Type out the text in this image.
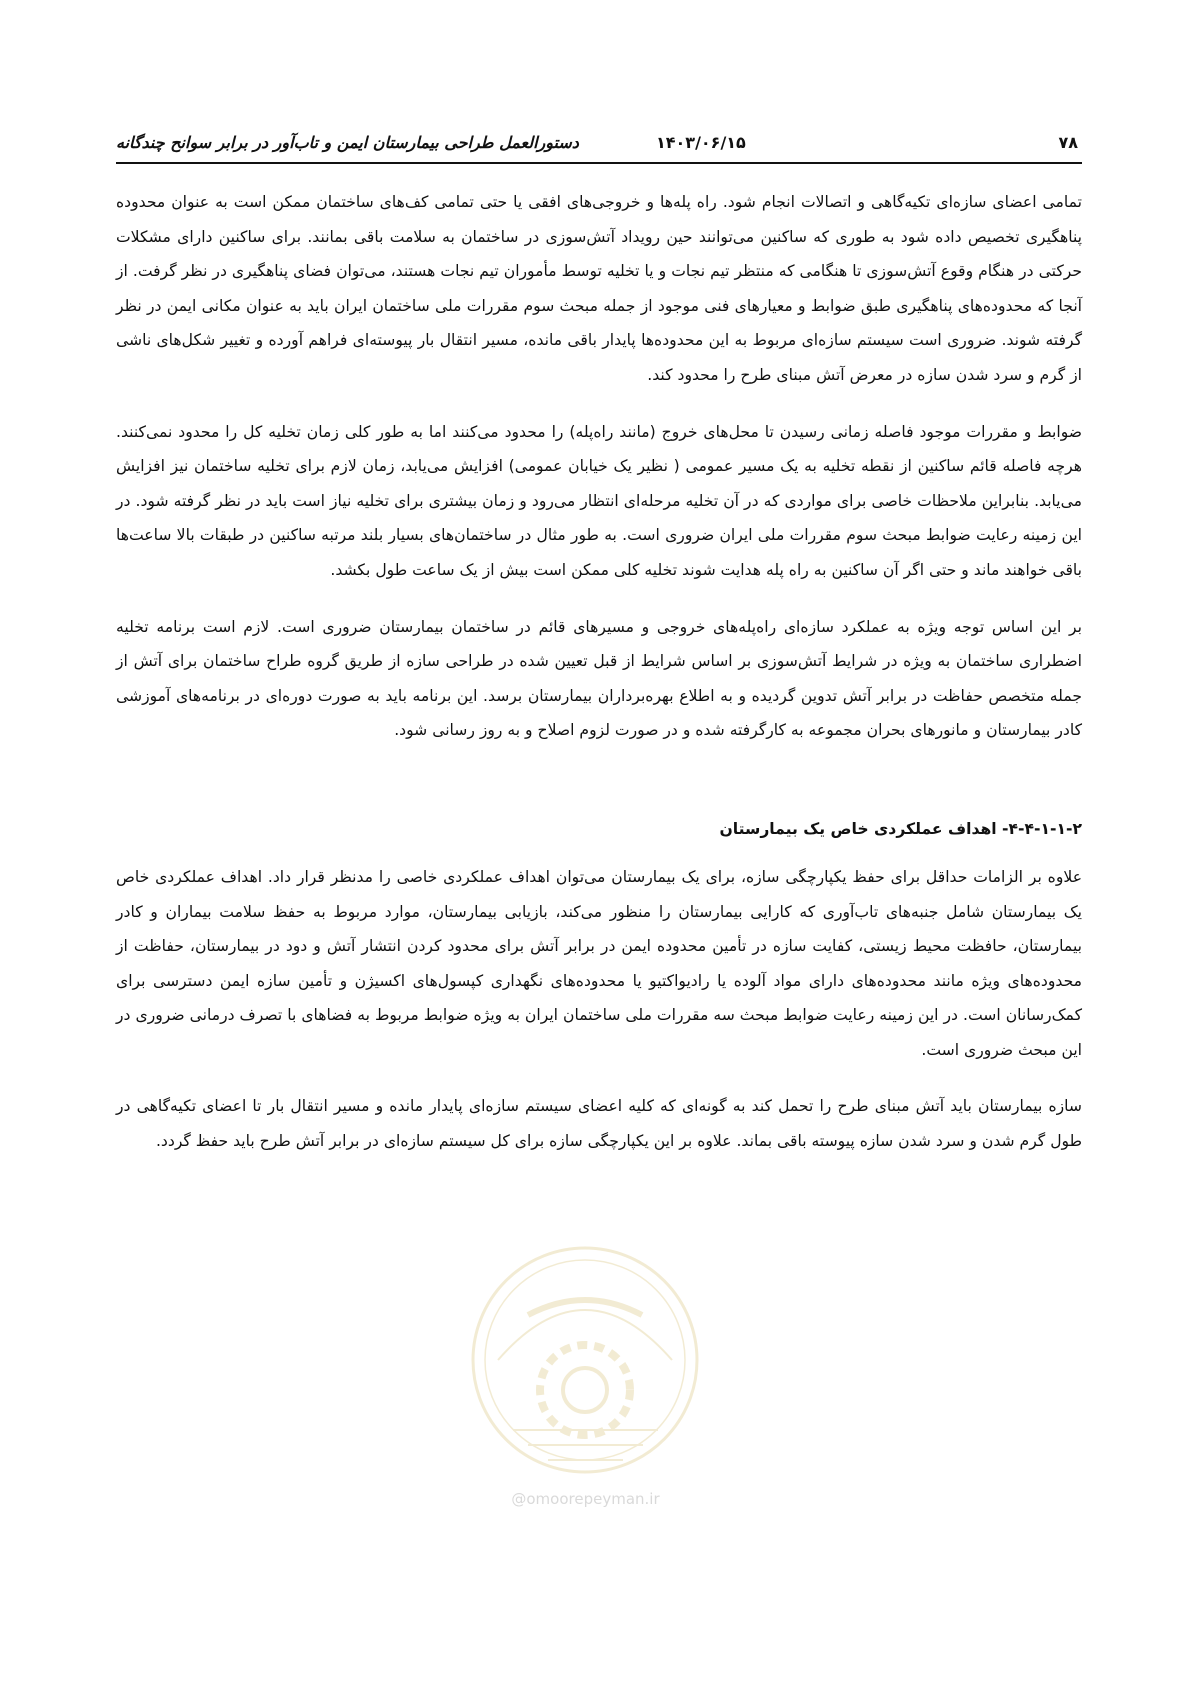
دستورالعمل طراحی بیمارستان ایمن و تاب‌آور در برابر سوانح چندگانه	۱۴۰۳/۰۶/۱۵	۷۸

تمامی اعضای سازه‌ای تکیه‌گاهی و اتصالات انجام شود. راه پله‌ها و خروجی‌های افقی یا حتی تمامی کف‌های ساختمان ممکن است به عنوان محدوده پناهگیری تخصیص داده شود به طوری که ساکنین می‌توانند حین رویداد آتش‌سوزی در ساختمان به سلامت باقی بمانند. برای ساکنین دارای مشکلات حرکتی در هنگام وقوع آتش‌سوزی تا هنگامی که منتظر تیم نجات و یا تخلیه توسط مأموران تیم نجات هستند، می‌توان فضای پناهگیری در نظر گرفت. از آنجا که محدوده‌های پناهگیری طبق ضوابط و معیارهای فنی موجود از جمله مبحث سوم مقررات ملی ساختمان ایران باید به عنوان مکانی ایمن در نظر گرفته شوند. ضروری است سیستم سازه‌ای مربوط به این محدوده‌ها پایدار باقی مانده، مسیر انتقال بار پیوسته‌ای فراهم آورده و تغییر شکل‌های ناشی از گرم و سرد شدن سازه در معرض آتش مبنای طرح را محدود کند.

ضوابط و مقررات موجود فاصله زمانی رسیدن تا محل‌های خروج (مانند راه‌پله) را محدود می‌کنند اما به طور کلی زمان تخلیه کل را محدود نمی‌کنند. هرچه فاصله قائم ساکنین از نقطه تخلیه به یک مسیر عمومی ( نظیر یک خیابان عمومی) افزایش می‌یابد، زمان لازم برای تخلیه ساختمان نیز افزایش می‌یابد. بنابراین ملاحظات خاصی برای مواردی که در آن تخلیه مرحله‌ای انتظار می‌رود و زمان بیشتری برای تخلیه نیاز است باید در نظر گرفته شود. در این زمینه رعایت ضوابط مبحث سوم مقررات ملی ایران ضروری است. به طور مثال در ساختمان‌های بسیار بلند مرتبه ساکنین در طبقات بالا ساعت‌ها باقی خواهند ماند و حتی اگر آن ساکنین به راه پله هدایت شوند تخلیه کلی ممکن است بیش از یک ساعت طول بکشد.

بر این اساس توجه ویژه به عملکرد سازه‌ای راه‌پله‌های خروجی و مسیرهای قائم در ساختمان بیمارستان ضروری است. لازم است برنامه تخلیه اضطراری ساختمان به ویژه در شرایط آتش‌سوزی بر اساس شرایط از قبل تعیین شده در طراحی سازه از طریق گروه طراح ساختمان برای آتش از جمله متخصص حفاظت در برابر آتش تدوین گردیده و به اطلاع بهره‌برداران بیمارستان برسد. این برنامه باید به صورت دوره‌ای در برنامه‌های آموزشی کادر بیمارستان و مانورهای بحران مجموعه به کارگرفته شده و در صورت لزوم اصلاح و به روز رسانی شود.

۴-۴-۱-۱-۲- اهداف عملکردی خاص یک بیمارستان

علاوه بر الزامات حداقل برای حفظ یکپارچگی سازه، برای یک بیمارستان می‌توان اهداف عملکردی خاصی را مدنظر قرار داد. اهداف عملکردی خاص یک بیمارستان شامل جنبه‌های تاب‌آوری که کارایی بیمارستان را منظور می‌کند، بازیابی بیمارستان، موارد مربوط به حفظ سلامت بیماران و کادر بیمارستان، حافظت محیط زیستی، کفایت سازه در تأمین محدوده ایمن در برابر آتش برای محدود کردن انتشار آتش و دود در بیمارستان، حفاظت از محدوده‌های ویژه مانند محدوده‌های دارای مواد آلوده یا رادیواکتیو یا محدوده‌های نگهداری کپسول‌های اکسیژن و تأمین سازه ایمن دسترسی برای کمک‌رسانان است. در این زمینه رعایت ضوابط مبحث سه مقررات ملی ساختمان ایران به ویژه ضوابط مربوط به فضاهای با تصرف درمانی ضروری در این مبحث ضروری است.

سازه بیمارستان باید آتش مبنای طرح را تحمل کند به گونه‌ای که کلیه اعضای سیستم سازه‌ای پایدار مانده و مسیر انتقال بار تا اعضای تکیه‌گاهی در طول گرم شدن و سرد شدن سازه پیوسته باقی بماند. علاوه بر این یکپارچگی سازه برای کل سیستم سازه‌ای در برابر آتش طرح باید حفظ گردد.

@omoorepeyman.ir
